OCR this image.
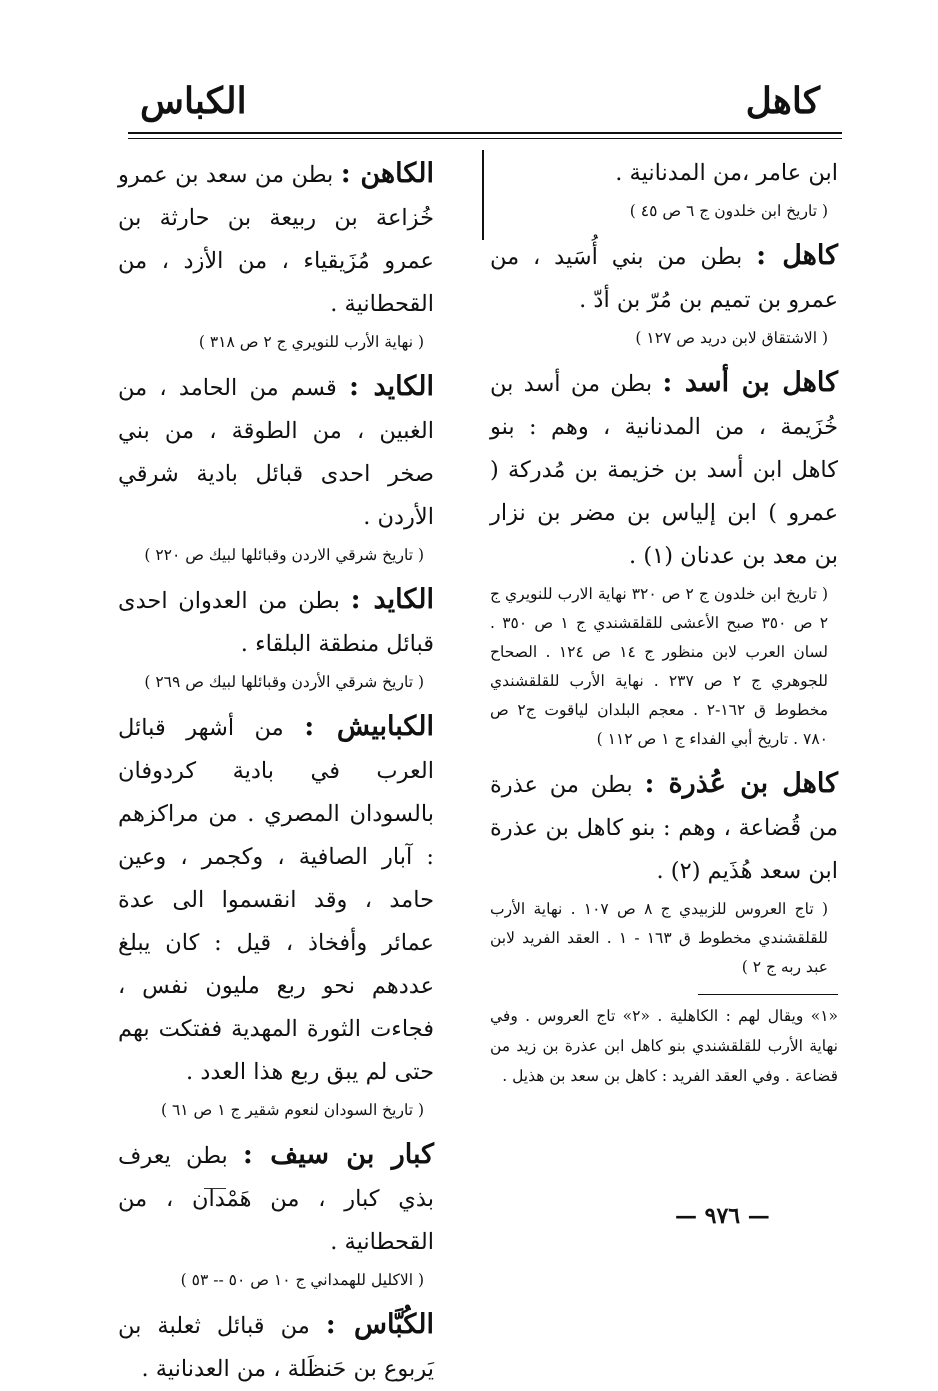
كاهل
الكباس

ابن عامر ،من المدنانية .

( تاريخ ابن خلدون ج ٦ ص ٤٥ )

كاهل : بطن من بني أُسَيد ، من عمرو بن تميم بن مُرّ بن أدّ .

( الاشتقاق لابن دريد ص ١٢٧ )

كاهل بن أسد : بطن من أسد بن خُزَيمة ، من المدنانية ، وهم : بنو كاهل ابن أسد بن خزيمة بن مُدركة ( عمرو ) ابن إلياس بن مضر بن نزار بن معد بن عدنان (١) .

( تاريخ ابن خلدون ج ٢ ص ٣٢٠ نهاية الارب للنويري ج ٢ ص ٣٥٠ صبح الأعشى للقلقشندي ج ١ ص ٣٥٠ . لسان العرب لابن منظور ج ١٤ ص ١٢٤ . الصحاح للجوهري ج ٢ ص ٢٣٧ . نهاية الأرب للقلقشندي مخطوط ق ١٦٢-٢ . معجم البلدان لياقوت ج٢ ص ٧٨٠ . تاريخ أبي الفداء ج ١ ص ١١٢ )

كاهل بن عُذرة : بطن من عذرة من قُضاعة ، وهم : بنو كاهل بن عذرة ابن سعد هُذَيم (٢) .

( تاج العروس للزبيدي ج ٨ ص ١٠٧ . نهاية الأرب للقلقشندي مخطوط ق ١٦٣ - ١ . العقد الفريد لابن عبد ربه ج ٢ )

«١» ويقال لهم : الكاهلية . «٢» تاج العروس . وفي نهاية الأرب للقلقشندي بنو كاهل ابن عذرة بن زيد من قضاعة . وفي العقد الفريد : كاهل بن سعد بن هذيل .

الكاهن : بطن من سعد بن عمرو خُزاعة بن ربيعة بن حارثة بن عمرو مُزَيقياء ، من الأزد ، من القحطانية .

( نهاية الأرب للنويري ج ٢ ص ٣١٨ )

الكايد : قسم من الحامد ، من الغبين ، من الطوقة ، من بني صخر احدى قبائل بادية شرقي الأردن .

( تاريخ شرقي الاردن وقبائلها لبيك ص ٢٢٠ )

الكايد : بطن من العدوان احدى قبائل منطقة البلقاء .

( تاريخ شرقي الأردن وقبائلها لبيك ص ٢٦٩ )

الكبابيش : من أشهر قبائل العرب في بادية كردوفان بالسودان المصري . من مراكزهم : آبار الصافية ، وكجمر ، وعين حامد ، وقد انقسموا الى عدة عمائر وأفخاذ ، قيل : كان يبلغ عددهم نحو ربع مليون نفس ، فجاءت الثورة المهدية ففتكت بهم حتى لم يبق ربع هذا العدد .

( تاريخ السودان لنعوم شقير ج ١ ص ٦١ )

كبار بن سيف : بطن يعرف بذي كبار ، من هَمْدان ، من القحطانية .

( الاكليل للهمداني ج ١٠ ص ٥٠ -- ٥٣ )

الكُبَّاس : من قبائل ثعلبة بن يَربوع بن حَنظَلة ، من العدنانية .

— ٩٧٦ —
